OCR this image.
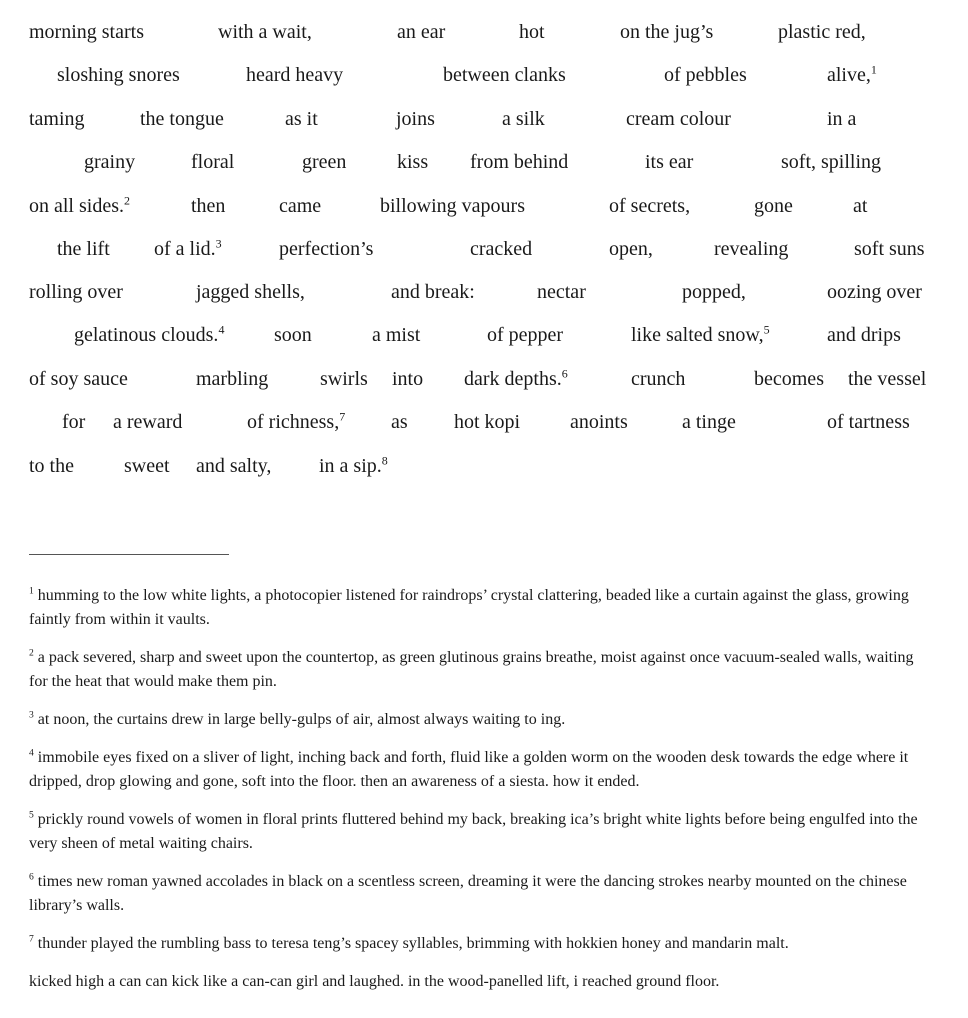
morning starts	with a wait,	an ear	hot	on the jug’s	plastic red,
sloshing snores	heard heavy	between clanks	of pebbles	alive,$^1$
taming	the tongue	as it	joins	a silk	cream colour	in a
grainy	floral	green	kiss from behind	its ear	soft, spilling
on all sides.$^2$	then	came	billowing vapours	of secrets,	gone	at
the lift of a lid.$^3$	perfection’s	cracked	open,	revealing	soft suns
rolling over	jagged shells,	and break:	nectar	popped,	oozing over
gelatinous clouds.$^4$ soon	a mist	of pepper	like salted snow,$^5$	and drips
of soy sauce	marbling	swirls into dark depths.$^6$	crunch	becomes the vessel
for a reward	of richness,$^7$ as hot kopi anoints	a tinge	of tartness
to the	sweet and salty, in a sip.$^8$

$^1$ humming to the low white lights, a photocopier listened for raindrops’ crystal clattering, beaded like a curtain against the glass, growing faintly from within it vaults.

$^2$ a pack severed, sharp and sweet upon the countertop, as green glutinous grains breathe, moist against once vacuum-sealed walls, waiting for the heat that would make them pin.

$^3$ at noon, the curtains drew in large belly-gulps of air, almost always waiting to ing.

$^4$ immobile eyes fixed on a sliver of light, inching back and forth, fluid like a golden worm on the wooden desk towards the edge where it dripped, drop glowing and gone, soft into the floor. then an awareness of a siesta. how it ended.

$^5$ prickly round vowels of women in floral prints fluttered behind my back, breaking ica’s bright white lights before being engulfed into the very sheen of metal waiting chairs.

$^6$ times new roman yawned accolades in black on a scentless screen, dreaming it were the dancing strokes nearby mounted on the chinese library’s walls.

$^7$ thunder played the rumbling bass to teresa teng’s spacey syllables, brimming with hokkien honey and mandarin malt.

kicked high a can can kick like a can-can girl and laughed. in the wood-panelled lift, i reached ground floor.
